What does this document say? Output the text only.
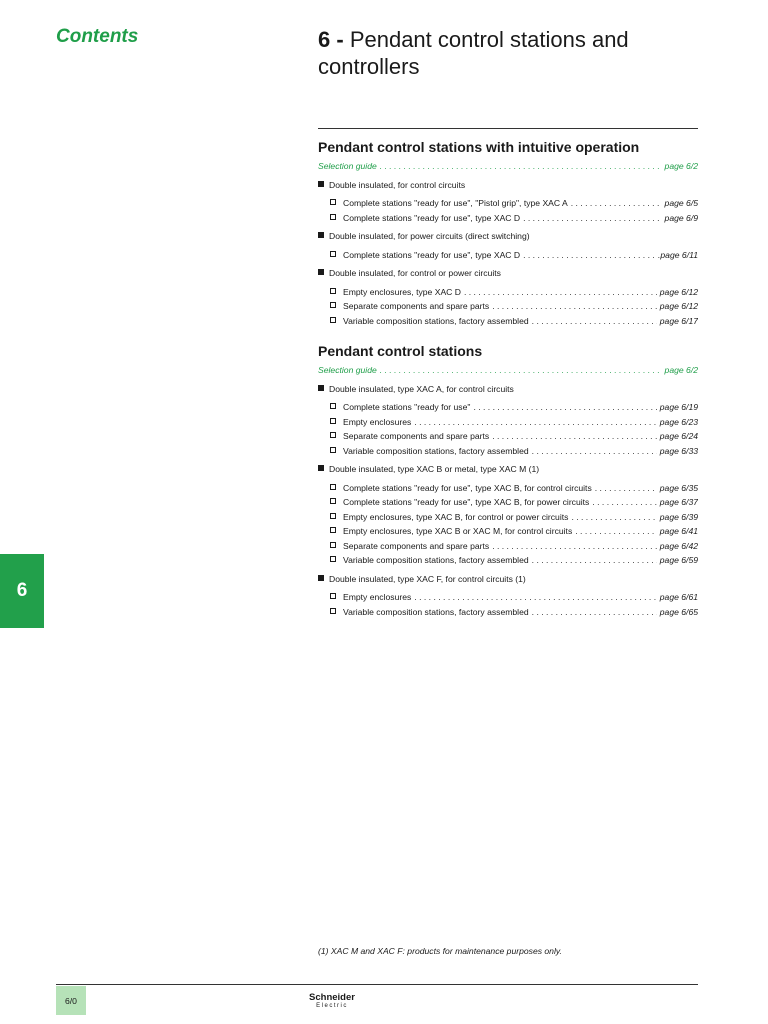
Contents	6 - Pendant control stations and controllers
Pendant control stations with intuitive operation
Selection guide .....	page 6/2
Double insulated, for control circuits
Complete stations "ready for use", "Pistol grip", type XAC A .....	page 6/5
Complete stations "ready for use", type XAC D .....	page 6/9
Double insulated, for power circuits (direct switching)
Complete stations "ready for use", type XAC D .....	.page 6/11
Double insulated, for control or power circuits
Empty enclosures, type XAC D .....	page 6/12
Separate components and spare parts .....	page 6/12
Variable composition stations, factory assembled .....	page 6/17
Pendant control stations
Selection guide .....	page 6/2
Double insulated, type XAC A, for control circuits
Complete stations "ready for use" .....	page 6/19
Empty enclosures .....	page 6/23
Separate components and spare parts .....	page 6/24
Variable composition stations, factory assembled .....	page 6/33
Double insulated, type XAC B or metal, type XAC M (1)
Complete stations "ready for use", type XAC B, for control circuits .....	page 6/35
Complete stations "ready for use", type XAC B, for power circuits .....	page 6/37
Empty enclosures, type XAC B, for control or power circuits .....	page 6/39
Empty enclosures, type XAC B or XAC M, for control circuits .....	page 6/41
Separate components and spare parts .....	page 6/42
Variable composition stations, factory assembled .....	page 6/59
Double insulated, type XAC F, for control circuits (1)
Empty enclosures .....	page 6/61
Variable composition stations, factory assembled .....	page 6/65
6
(1) XAC M and XAC F: products for maintenance purposes only.
6/0	Schneider
Electric
